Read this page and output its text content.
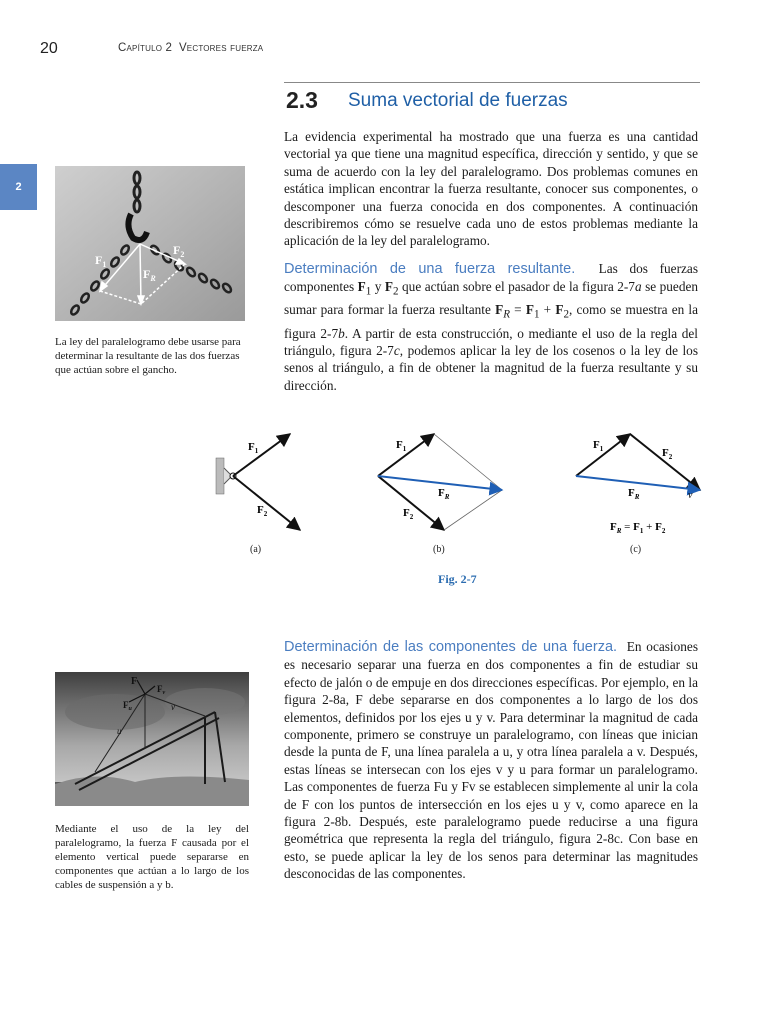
20	Capítulo 2 Vectores fuerza
2
2.3 Suma vectorial de fuerzas
La evidencia experimental ha mostrado que una fuerza es una cantidad vectorial ya que tiene una magnitud específica, dirección y sentido, y que se suma de acuerdo con la ley del paralelogramo. Dos problemas comunes en estática implican encontrar la fuerza resultante, conocer sus componentes, o descomponer una fuerza conocida en dos componentes. A continuación describiremos cómo se resuelve cada uno de estos problemas mediante la aplicación de la ley del paralelogramo.
Determinación de una fuerza resultante. Las dos fuerzas componentes $F_1$ y $F_2$ que actúan sobre el pasador de la figura 2-7a se pueden sumar para formar la fuerza resultante $F_R = F_1 + F_2$, como se muestra en la figura 2-7b. A partir de esta construcción, o mediante el uso de la regla del triángulo, figura 2-7c, podemos aplicar la ley de los cosenos o la ley de los senos al triángulo, a fin de obtener la magnitud de la fuerza resultante y su dirección.
$F_1$
$F_2$
$F_R$
La ley del paralelogramo debe usarse para determinar la resultante de las dos fuerzas que actúan sobre el gancho.
$F_1$
$F_2$
$F_1$
$F_2$
$F_R$
$F_1$	$F_2$
$F_R$	v
$F_R = F_1 + F_2$
(a)	(b)	(c)
Fig. 2-7
Determinación de las componentes de una fuerza. En ocasiones es necesario separar una fuerza en dos componentes a fin de estudiar su efecto de jalón o de empuje en dos direcciones específicas. Por ejemplo, en la figura 2-8a, F debe separarse en dos componentes a lo largo de los dos elementos, definidos por los ejes u y v. Para determinar la magnitud de cada componente, primero se construye un paralelogramo, con líneas que inician desde la punta de F, una línea paralela a u, y otra línea paralela a v. Después, estas líneas se intersecan con los ejes v y u para formar un paralelogramo. Las componentes de fuerza Fu y Fv se establecen simplemente al unir la cola de F con los puntos de intersección en los ejes u y v, como aparece en la figura 2-8b. Después, este paralelogramo puede reducirse a una figura geométrica que representa la regla del triángulo, figura 2-8c. Con base en esto, se puede aplicar la ley de los senos para determinar las magnitudes desconocidas de las componentes.
F
$F_u$
$F_v$
v
u
Mediante el uso de la ley del paralelogramo, la fuerza F causada por el elemento vertical puede separarse en componentes que actúan a lo largo de los cables de suspensión a y b.
